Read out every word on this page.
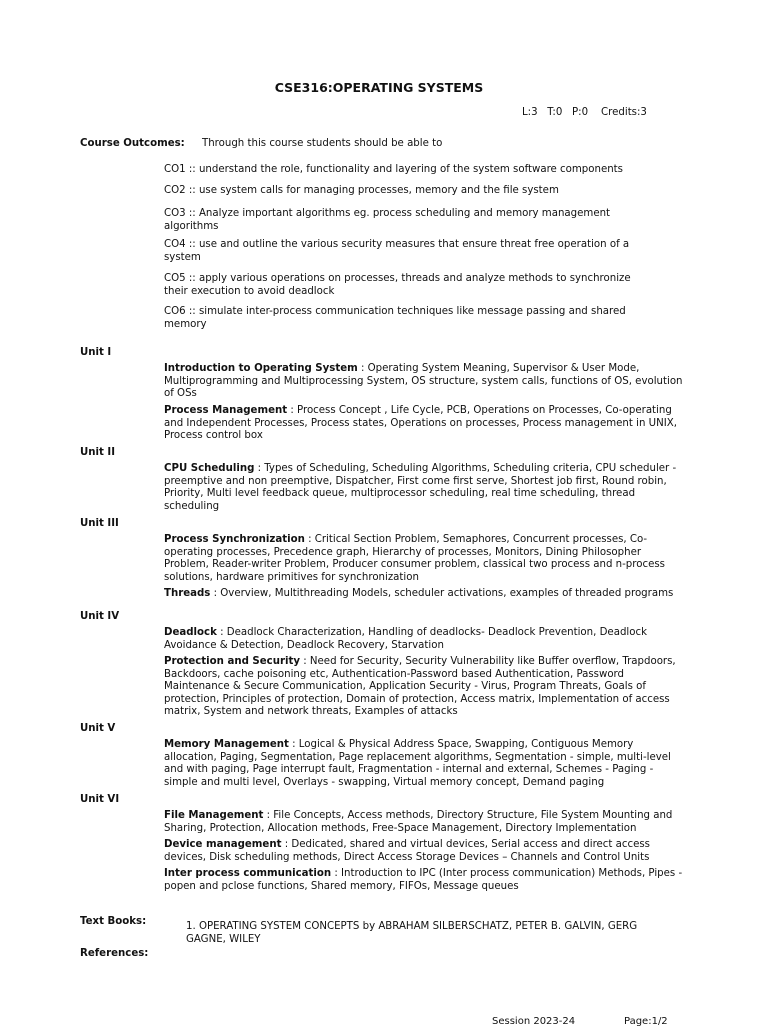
CSE316:OPERATING SYSTEMS
L:3   T:0   P:0    Credits:3
Course Outcomes: Through this course students should be able to
CO1 :: understand the role, functionality and layering of the system software components
CO2 :: use system calls for managing processes, memory and the file system
CO3 :: Analyze important algorithms eg. process scheduling and memory management algorithms
CO4 :: use and outline the various security measures that ensure threat free operation of a system
CO5 :: apply various operations on processes, threads and analyze methods to synchronize their execution to avoid deadlock
CO6 :: simulate inter-process communication techniques like message passing and shared memory
Unit I
Introduction to Operating System : Operating System Meaning, Supervisor & User Mode, Multiprogramming and Multiprocessing System, OS structure, system calls, functions of OS, evolution of OSs
Process Management : Process Concept , Life Cycle, PCB, Operations on Processes, Co-operating and Independent Processes, Process states, Operations on processes, Process management in UNIX, Process control box
Unit II
CPU Scheduling : Types of Scheduling, Scheduling Algorithms, Scheduling criteria, CPU scheduler - preemptive and non preemptive, Dispatcher, First come first serve, Shortest job first, Round robin, Priority, Multi level feedback queue, multiprocessor scheduling, real time scheduling, thread scheduling
Unit III
Process Synchronization : Critical Section Problem, Semaphores, Concurrent processes, Co-operating processes, Precedence graph, Hierarchy of processes, Monitors, Dining Philosopher Problem, Reader-writer Problem, Producer consumer problem, classical two process and n-process solutions, hardware primitives for synchronization
Threads : Overview, Multithreading Models, scheduler activations, examples of threaded programs
Unit IV
Deadlock : Deadlock Characterization, Handling of deadlocks- Deadlock Prevention, Deadlock Avoidance & Detection, Deadlock Recovery, Starvation
Protection and Security : Need for Security, Security Vulnerability like Buffer overflow, Trapdoors, Backdoors, cache poisoning etc, Authentication-Password based Authentication, Password Maintenance & Secure Communication, Application Security - Virus, Program Threats, Goals of protection, Principles of protection, Domain of protection, Access matrix, Implementation of access matrix, System and network threats, Examples of attacks
Unit V
Memory Management : Logical & Physical Address Space, Swapping, Contiguous Memory allocation, Paging, Segmentation, Page replacement algorithms, Segmentation - simple, multi-level and with paging, Page interrupt fault, Fragmentation - internal and external, Schemes - Paging - simple and multi level, Overlays - swapping, Virtual memory concept, Demand paging
Unit VI
File Management : File Concepts, Access methods, Directory Structure, File System Mounting and Sharing, Protection, Allocation methods, Free-Space Management, Directory Implementation
Device management : Dedicated, shared and virtual devices, Serial access and direct access devices, Disk scheduling methods, Direct Access Storage Devices – Channels and Control Units
Inter process communication : Introduction to IPC (Inter process communication) Methods, Pipes - popen and pclose functions, Shared memory, FIFOs, Message queues
Text Books:	1. OPERATING SYSTEM CONCEPTS by ABRAHAM SILBERSCHATZ, PETER B. GALVIN, GERG GAGNE, WILEY
References:
Session 2023-24	Page:1/2
